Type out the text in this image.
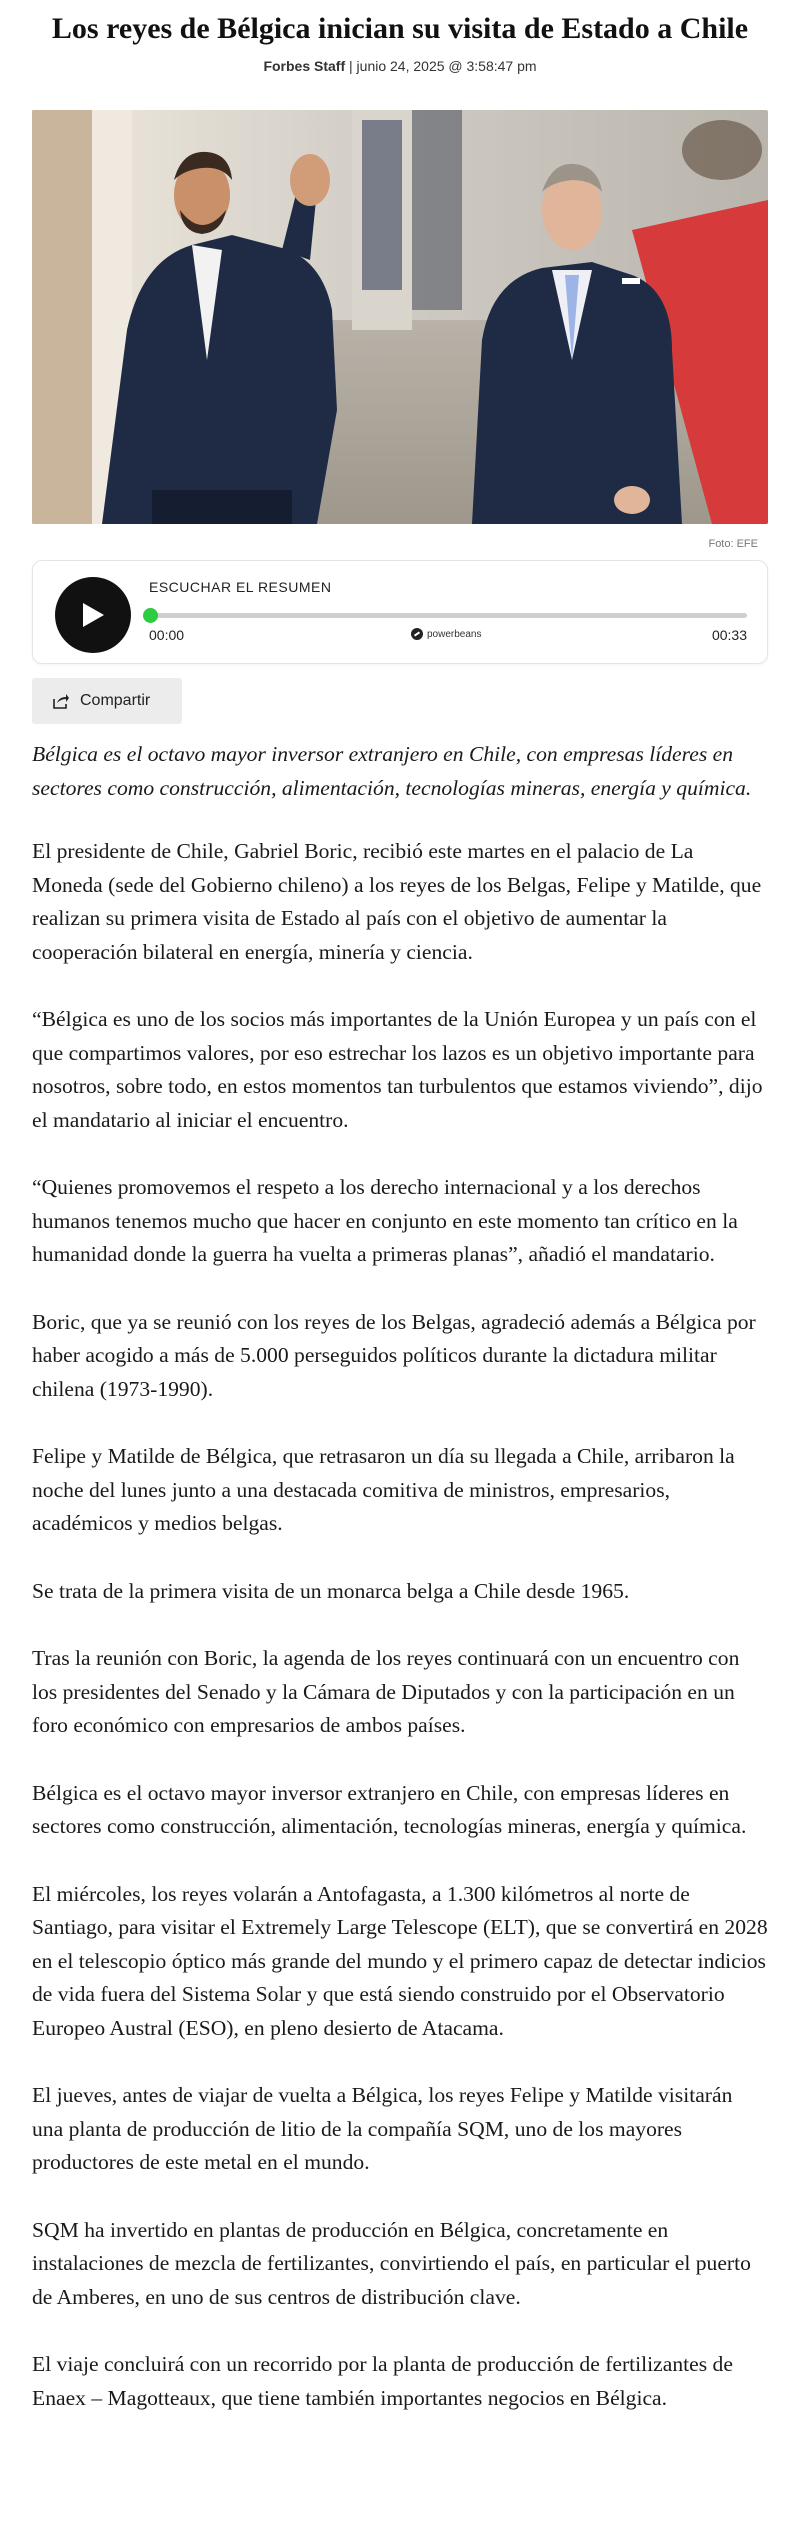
Los reyes de Bélgica inician su visita de Estado a Chile
Forbes Staff | junio 24, 2025 @ 3:58:47 pm
Foto: EFE
ESCUCHAR EL RESUMEN
00:00	powerbeans	00:33
Compartir

Bélgica es el octavo mayor inversor extranjero en Chile, con empresas líderes en sectores como construcción, alimentación, tecnologías mineras, energía y química.

El presidente de Chile, Gabriel Boric, recibió este martes en el palacio de La Moneda (sede del Gobierno chileno) a los reyes de los Belgas, Felipe y Matilde, que realizan su primera visita de Estado al país con el objetivo de aumentar la cooperación bilateral en energía, minería y ciencia.

“Bélgica es uno de los socios más importantes de la Unión Europea y un país con el que compartimos valores, por eso estrechar los lazos es un objetivo importante para nosotros, sobre todo, en estos momentos tan turbulentos que estamos viviendo”, dijo el mandatario al iniciar el encuentro.

“Quienes promovemos el respeto a los derecho internacional y a los derechos humanos tenemos mucho que hacer en conjunto en este momento tan crítico en la humanidad donde la guerra ha vuelta a primeras planas”, añadió el mandatario.

Boric, que ya se reunió con los reyes de los Belgas, agradeció además a Bélgica por haber acogido a más de 5.000 perseguidos políticos durante la dictadura militar chilena (1973-1990).

Felipe y Matilde de Bélgica, que retrasaron un día su llegada a Chile, arribaron la noche del lunes junto a una destacada comitiva de ministros, empresarios, académicos y medios belgas.

Se trata de la primera visita de un monarca belga a Chile desde 1965.

Tras la reunión con Boric, la agenda de los reyes continuará con un encuentro con los presidentes del Senado y la Cámara de Diputados y con la participación en un foro económico con empresarios de ambos países.

Bélgica es el octavo mayor inversor extranjero en Chile, con empresas líderes en sectores como construcción, alimentación, tecnologías mineras, energía y química.

El miércoles, los reyes volarán a Antofagasta, a 1.300 kilómetros al norte de Santiago, para visitar el Extremely Large Telescope (ELT), que se convertirá en 2028 en el telescopio óptico más grande del mundo y el primero capaz de detectar indicios de vida fuera del Sistema Solar y que está siendo construido por el Observatorio Europeo Austral (ESO), en pleno desierto de Atacama.

El jueves, antes de viajar de vuelta a Bélgica, los reyes Felipe y Matilde visitarán una planta de producción de litio de la compañía SQM, uno de los mayores productores de este metal en el mundo.

SQM ha invertido en plantas de producción en Bélgica, concretamente en instalaciones de mezcla de fertilizantes, convirtiendo el país, en particular el puerto de Amberes, en uno de sus centros de distribución clave.

El viaje concluirá con un recorrido por la planta de producción de fertilizantes de Enaex – Magotteaux, que tiene también importantes negocios en Bélgica.
